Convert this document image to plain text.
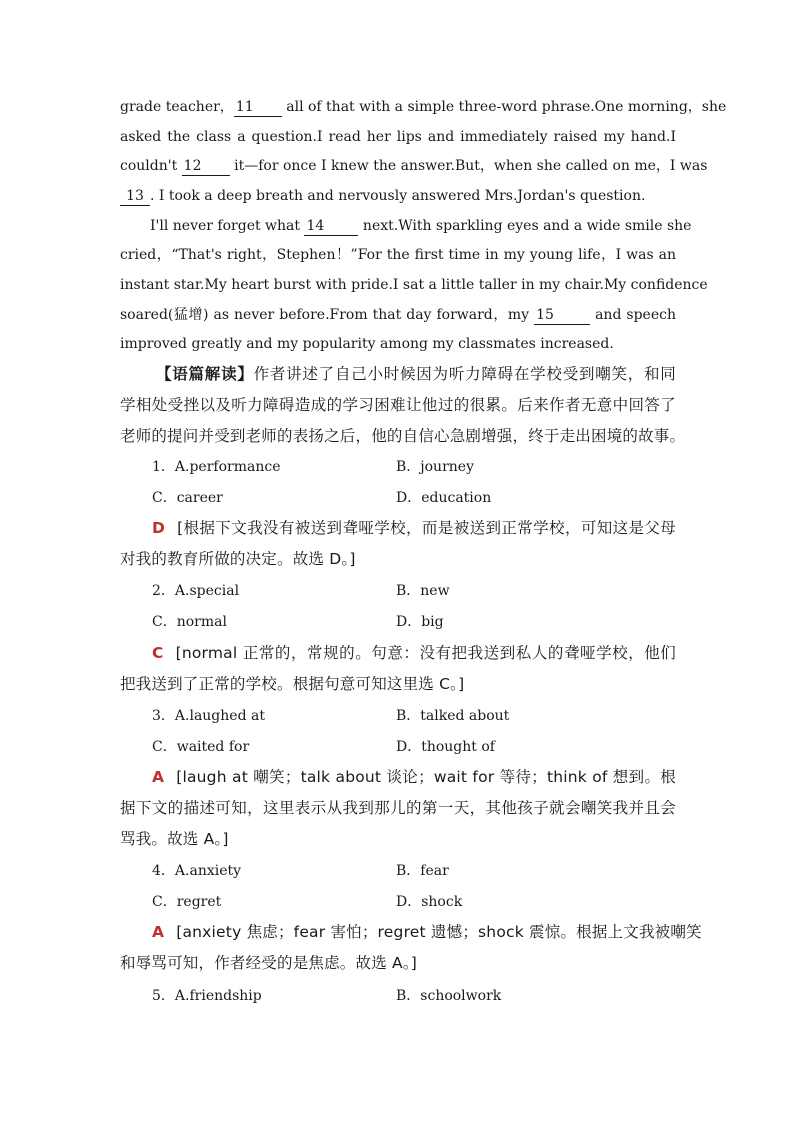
grade teacher， 11 all of that with a simple three-word phrase.One morning，she
asked the class a question.I read her lips and immediately raised my hand.I
couldn't 12 it—for once I knew the answer.But，when she called on me，I was
13 . I took a deep breath and nervously answered Mrs.Jordan's question.
I'll never forget what 14 next.With sparkling eyes and a wide smile she
cried，“That's right，Stephen！”For the first time in my young life，I was an
instant star.My heart burst with pride.I sat a little taller in my chair.My confidence
soared(猛增) as never before.From that day forward，my 15	and speech
improved greatly and my popularity among my classmates increased.
【语篇解读】作者讲述了自己小时候因为听力障碍在学校受到嘲笑，和同
学相处受挫以及听力障碍造成的学习困难让他过的很累。后来作者无意中回答了
老师的提问并受到老师的表扬之后，他的自信心急剧增强，终于走出困境的故事。
1．A.performance	B．journey
C．career	D．education
D [根据下文我没有被送到聋哑学校，而是被送到正常学校，可知这是父母
对我的教育所做的决定。故选 D。]
2．A.special	B．new
C．normal	D．big
C [normal 正常的，常规的。句意：没有把我送到私人的聋哑学校，他们
把我送到了正常的学校。根据句意可知这里选 C。]
3．A.laughed at	B．talked about
C．waited for	D．thought of
A [laugh at 嘲笑；talk about 谈论；wait for 等待；think of 想到。根
据下文的描述可知，这里表示从我到那儿的第一天，其他孩子就会嘲笑我并且会
骂我。故选 A。]
4．A.anxiety	B．fear
C．regret	D．shock
A [anxiety 焦虑；fear 害怕；regret 遗憾；shock 震惊。根据上文我被嘲笑
和辱骂可知，作者经受的是焦虑。故选 A。]
5．A.friendship	B．schoolwork
